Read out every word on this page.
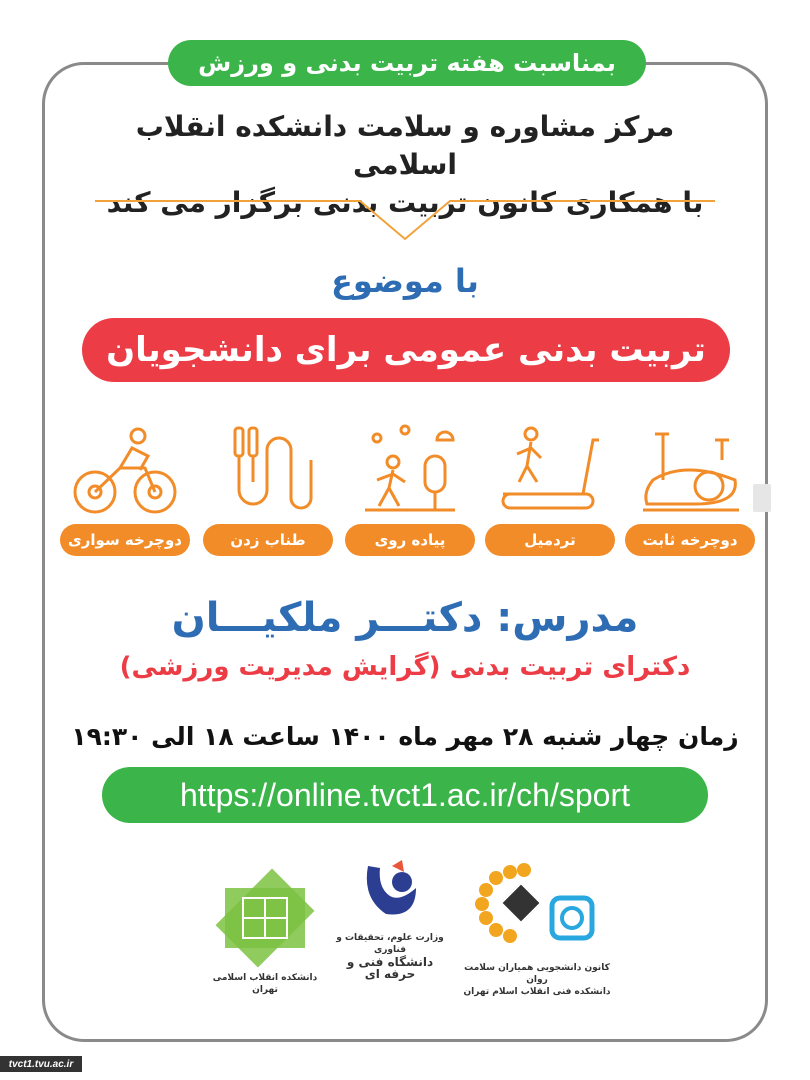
بمناسبت هفته تربیت بدنی و ورزش
مرکز مشاوره و سلامت دانشکده انقلاب اسلامی
با همکاری کانون تربیت بدنی برگزار می کند
با موضوع
تربیت بدنی عمومی برای دانشجویان
دوچرخه سواری	طناب زدن	پیاده روی	تردمیل	دوچرخه ثابت
مدرس: دکتـــر ملکیـــان
دکترای تربیت بدنی (گرایش مدیریت ورزشی)
زمان چهار شنبه ۲۸ مهر ماه ۱۴۰۰ ساعت ۱۸ الی ۱۹:۳۰
https://online.tvct1.ac.ir/ch/sport
دانشکده انقلاب اسلامی تهران
وزارت علوم، تحقیقات و فناوری
دانشگاه فنی و حرفه ای	کانون دانشجویی همیاران سلامت روان
دانشکده فنی انقلاب اسلام تهران
tvct1.tvu.ac.ir
